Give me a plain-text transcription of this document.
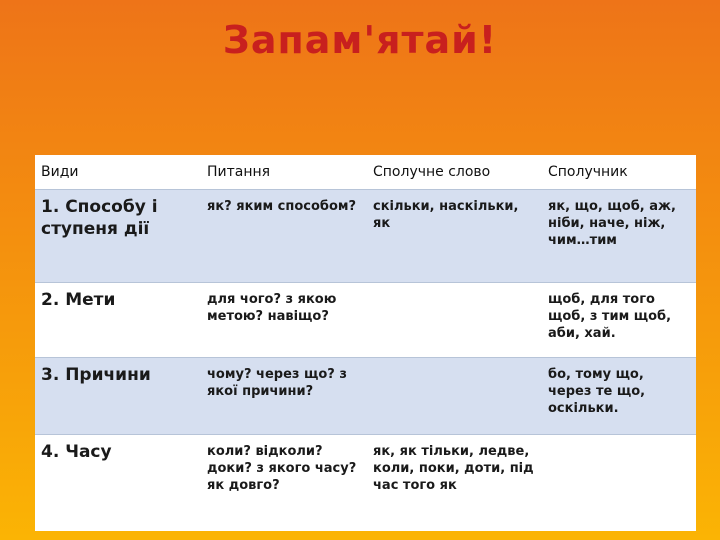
Запам'ятай!
Види	Питання	Сполучне слово	Сполучник
1. Способу і ступеня дії	як? яким способом?	скільки, наскільки, як	як, що, щоб, аж, ніби, наче, ніж, чим…тим
2. Мети	для чого? з якою метою? навіщо?		щоб, для того щоб, з тим щоб, аби, хай.
3. Причини	чому? через що? з якої причини?		бо, тому що, через те що, оскільки.
4. Часу	коли? відколи? доки? з якого часу? як довго?	як, як тільки, ледве, коли, поки, доти, під час того як	
